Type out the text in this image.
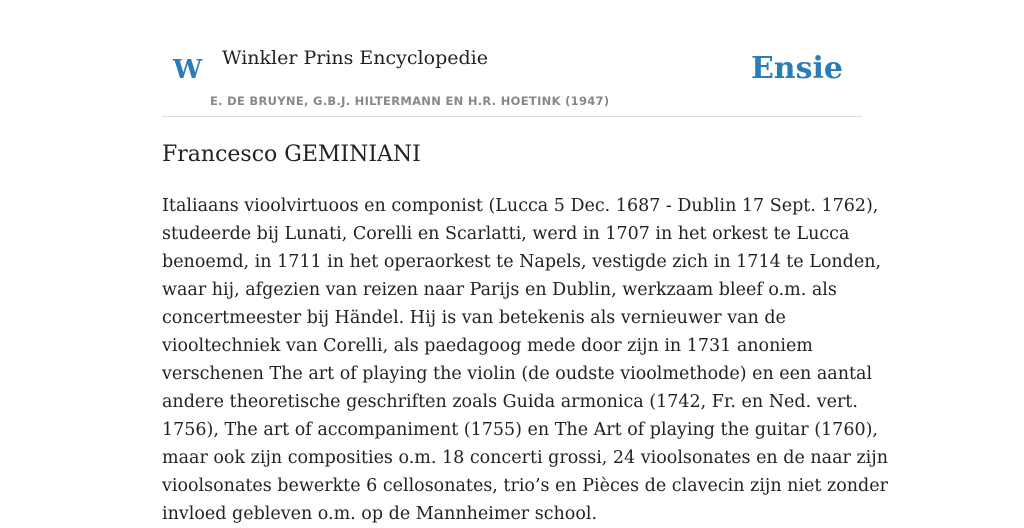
W Winkler Prins Encyclopedie
E. DE BRUYNE, G.B.J. HILTERMANN EN H.R. HOETINK (1947)
Ensie
Francesco GEMINIANI

Italiaans vioolvirtuoos en componist (Lucca 5 Dec. 1687 - Dublin 17 Sept. 1762),
studeerde bij Lunati, Corelli en Scarlatti, werd in 1707 in het orkest te Lucca
benoemd, in 1711 in het operaorkest te Napels, vestigde zich in 1714 te Londen,
waar hij, afgezien van reizen naar Parijs en Dublin, werkzaam bleef o.m. als
concertmeester bij Händel. Hij is van betekenis als vernieuwer van de
viooltechniek van Corelli, als paedagoog mede door zijn in 1731 anoniem
verschenen The art of playing the violin (de oudste vioolmethode) en een aantal
andere theoretische geschriften zoals Guida armonica (1742, Fr. en Ned. vert.
1756), The art of accompaniment (1755) en The Art of playing the guitar (1760),
maar ook zijn composities o.m. 18 concerti grossi, 24 vioolsonates en de naar zijn
vioolsonates bewerkte 6 cellosonates, trio’s en Pièces de clavecin zijn niet zonder
invloed gebleven o.m. op de Mannheimer school.
